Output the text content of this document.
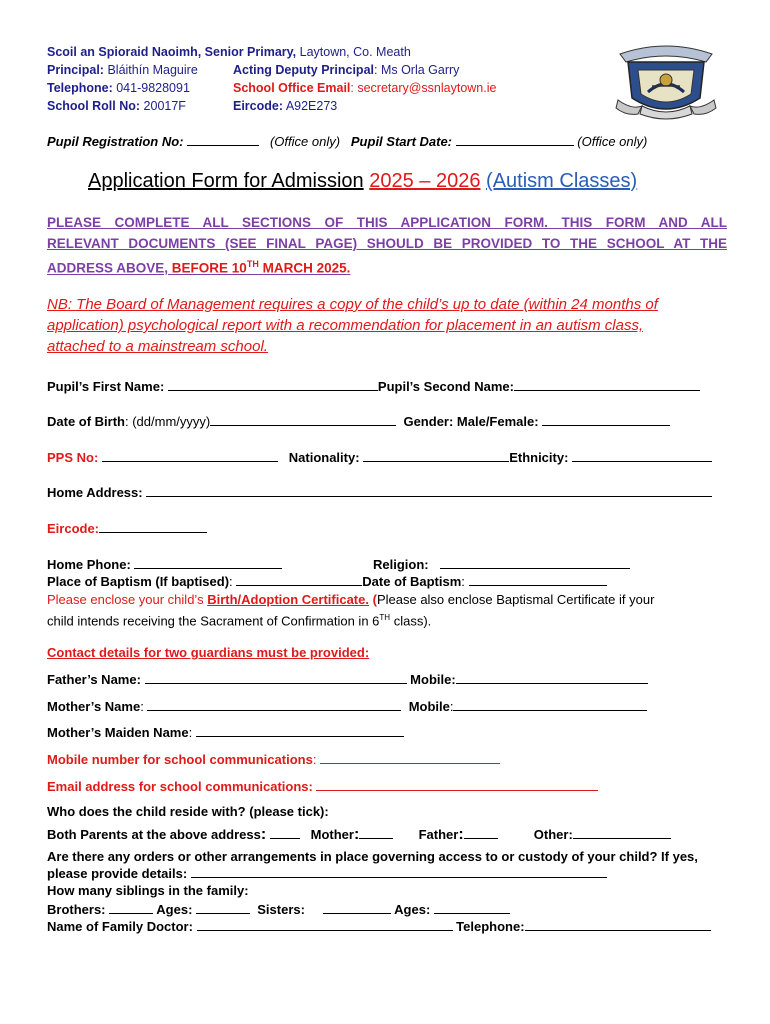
Scoil an Spioraid Naoimh, Senior Primary, Laytown, Co. Meath
Principal: Bláithín Maguire	Acting Deputy Principal: Ms Orla Garry
Telephone: 041-9828091	School Office Email: secretary@ssnlaytown.ie
School Roll No: 20017F	Eircode: A92E273
Pupil Registration No:	(Office only) Pupil Start Date:	(Office only)
Application Form for Admission 2025 – 2026 (Autism Classes)
PLEASE COMPLETE ALL SECTIONS OF THIS APPLICATION FORM. THIS FORM AND ALL
RELEVANT DOCUMENTS (SEE FINAL PAGE) SHOULD BE PROVIDED TO THE SCHOOL AT THE
ADDRESS ABOVE, BEFORE 10TH MARCH 2025.
NB: The Board of Management requires a copy of the child’s up to date (within 24 months of
application) psychological report with a recommendation for placement in an autism class,
attached to a mainstream school.
Pupil’s First Name:	Pupil’s Second Name:
Date of Birth: (dd/mm/yyyy)	Gender: Male/Female:
PPS No:	Nationality:	Ethnicity:
Home Address:
Eircode:
Home Phone:	Religion:
Place of Baptism (If baptised):	Date of Baptism:
Please enclose your child’s Birth/Adoption Certificate. (Please also enclose Baptismal Certificate if your
child intends receiving the Sacrament of Confirmation in 6TH class).
Contact details for two guardians must be provided:
Father’s Name:	Mobile:
Mother’s Name:	Mobile:
Mother’s Maiden Name:
Mobile number for school communications:
Email address for school communications:
Who does the child reside with? (please tick):
Both Parents at the above address:	Mother:	Father:	Other:
Are there any orders or other arrangements in place governing access to or custody of your child? If yes,
please provide details:
How many siblings in the family:
Brothers:	Ages:	Sisters:	Ages:
Name of Family Doctor:	Telephone:
